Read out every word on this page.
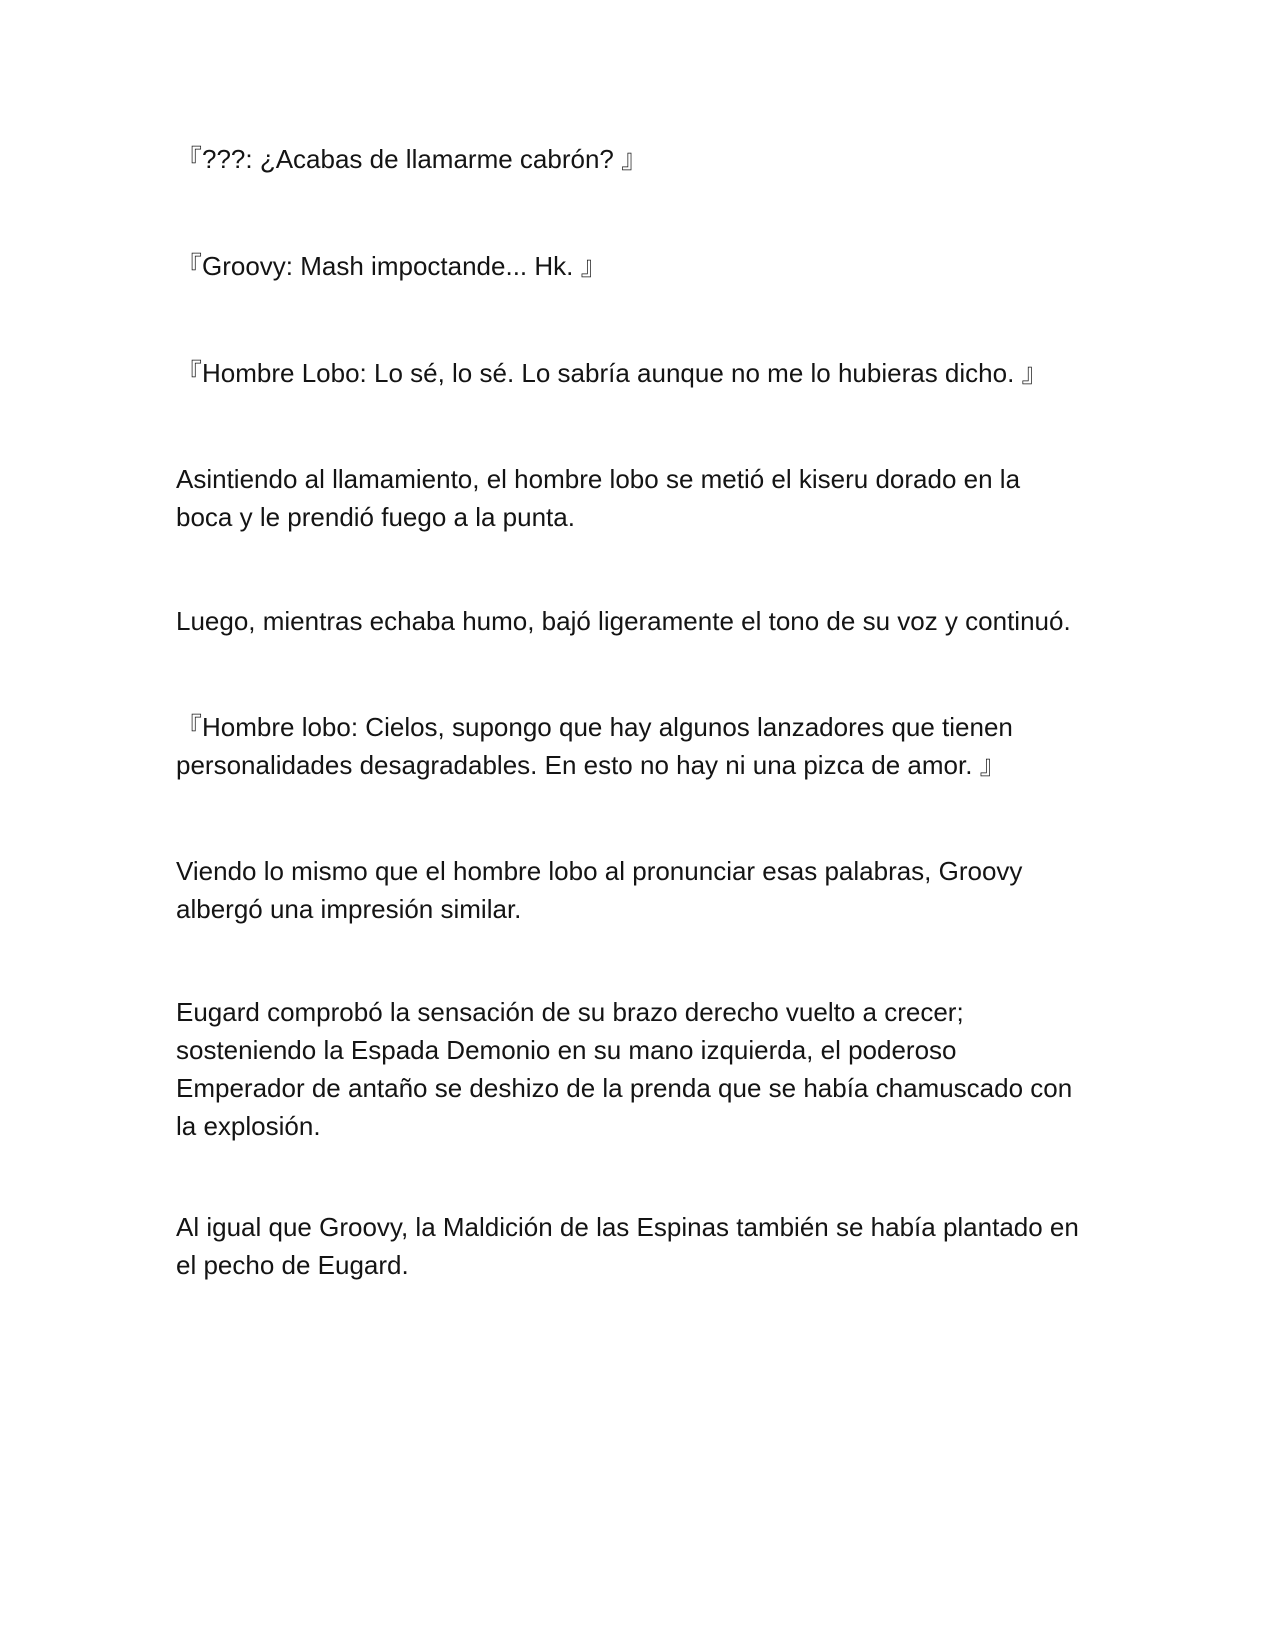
『???: ¿Acabas de llamarme cabrón? 』

『Groovy: Mash impoctande... Hk. 』

『Hombre Lobo: Lo sé, lo sé. Lo sabría aunque no me lo hubieras dicho. 』

Asintiendo al llamamiento, el hombre lobo se metió el kiseru dorado en la
boca y le prendió fuego a la punta.

Luego, mientras echaba humo, bajó ligeramente el tono de su voz y continuó.

『Hombre lobo: Cielos, supongo que hay algunos lanzadores que tienen
personalidades desagradables. En esto no hay ni una pizca de amor. 』

Viendo lo mismo que el hombre lobo al pronunciar esas palabras, Groovy
albergó una impresión similar.

Eugard comprobó la sensación de su brazo derecho vuelto a crecer;
sosteniendo la Espada Demonio en su mano izquierda, el poderoso
Emperador de antaño se deshizo de la prenda que se había chamuscado con
la explosión.

Al igual que Groovy, la Maldición de las Espinas también se había plantado en
el pecho de Eugard.
